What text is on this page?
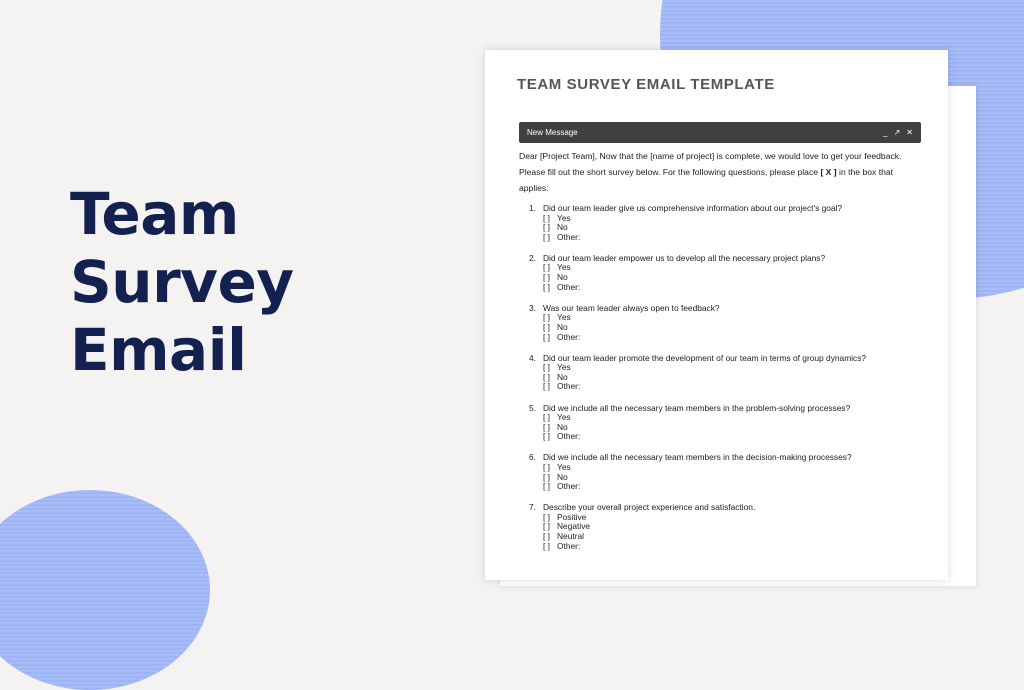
Team
Survey
Email
TEAM SURVEY EMAIL TEMPLATE
New Message	_ ↗ ✕

Dear [Project Team], Now that the [name of project] is complete, we would love to get your feedback. Please fill out the short survey below. For the following questions, please place [ X ] in the box that applies:

1. Did our team leader give us comprehensive information about our project's goal?
[ ] Yes
[ ] No
[ ] Other:
2. Did our team leader empower us to develop all the necessary project plans?
[ ] Yes
[ ] No
[ ] Other:
3. Was our team leader always open to feedback?
[ ] Yes
[ ] No
[ ] Other:
4. Did our team leader promote the development of our team in terms of group dynamics?
[ ] Yes
[ ] No
[ ] Other:
5. Did we include all the necessary team members in the problem-solving processes?
[ ] Yes
[ ] No
[ ] Other:
6. Did we include all the necessary team members in the decision-making processes?
[ ] Yes
[ ] No
[ ] Other:
7. Describe your overall project experience and satisfaction.
[ ] Positive
[ ] Negative
[ ] Neutral
[ ] Other:
